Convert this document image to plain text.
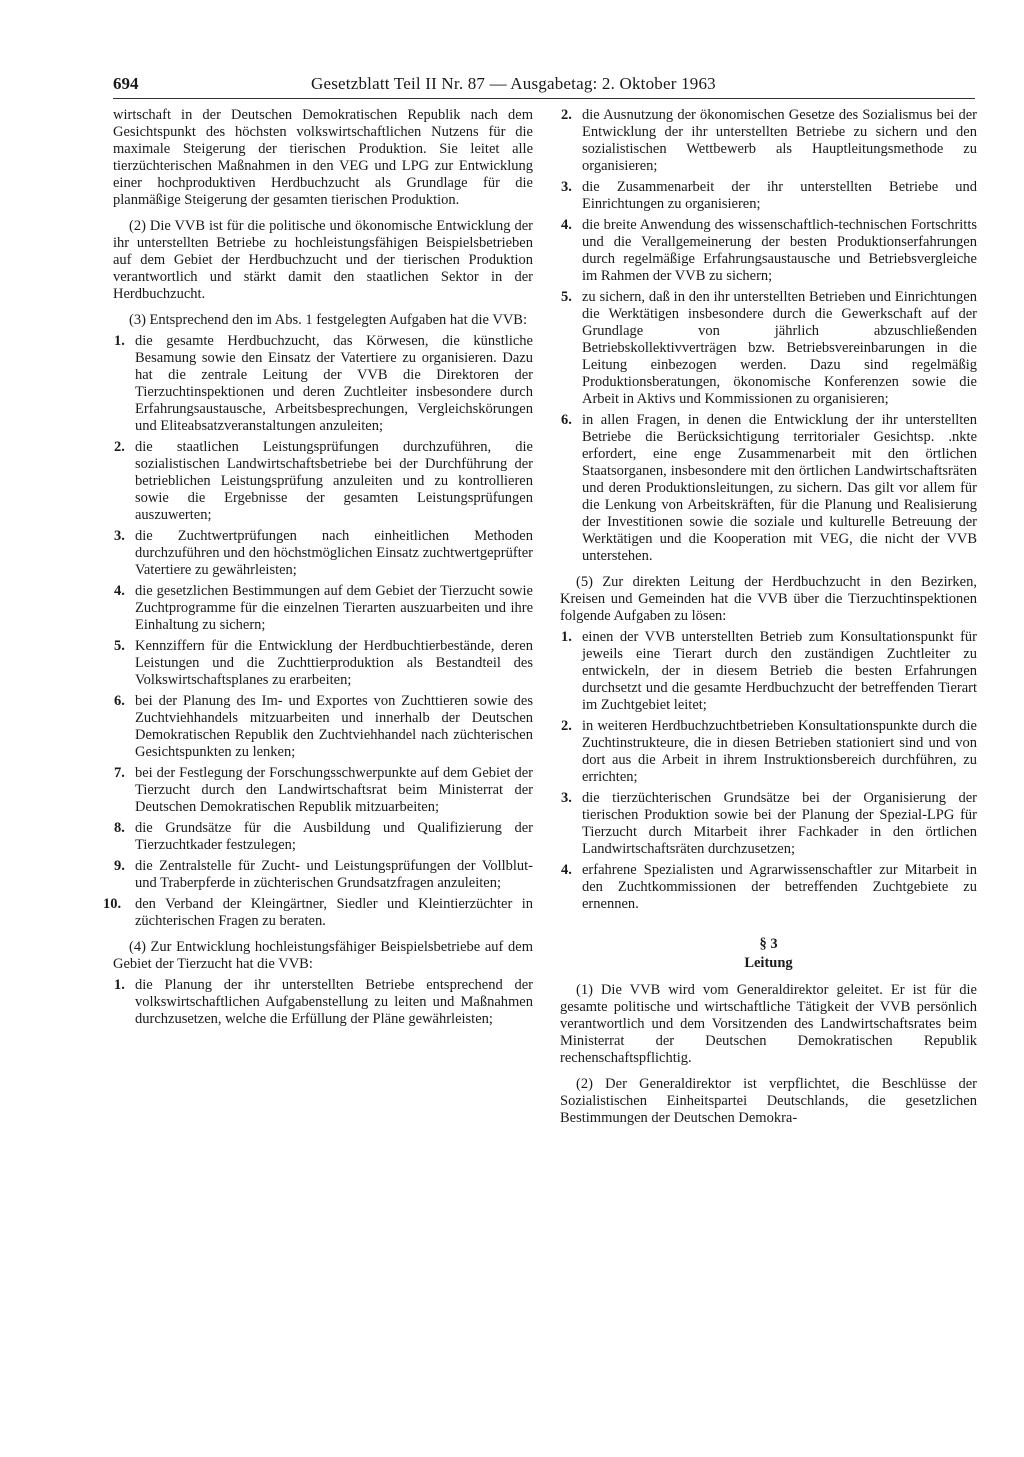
694	Gesetzblatt Teil II Nr. 87 — Ausgabetag: 2. Oktober 1963

wirtschaft in der Deutschen Demokratischen Republik nach dem Gesichtspunkt des höchsten volkswirtschaftlichen Nutzens für die maximale Steigerung der tierischen Produktion. Sie leitet alle tierzüchterischen Maßnahmen in den VEG und LPG zur Entwicklung einer hochproduktiven Herdbuchzucht als Grundlage für die planmäßige Steigerung der gesamten tierischen Produktion.

(2) Die VVB ist für die politische und ökonomische Entwicklung der ihr unterstellten Betriebe zu hochleistungsfähigen Beispielsbetrieben auf dem Gebiet der Herdbuchzucht und der tierischen Produktion verantwortlich und stärkt damit den staatlichen Sektor in der Herdbuchzucht.

(3) Entsprechend den im Abs. 1 festgelegten Aufgaben hat die VVB:

1. die gesamte Herdbuchzucht, das Körwesen, die künstliche Besamung sowie den Einsatz der Vatertiere zu organisieren. Dazu hat die zentrale Leitung der VVB die Direktoren der Tierzuchtinspektionen und deren Zuchtleiter insbesondere durch Erfahrungsaustausche, Arbeitsbesprechungen, Vergleichskörungen und Eliteabsatzveranstaltungen anzuleiten;
2. die staatlichen Leistungsprüfungen durchzuführen, die sozialistischen Landwirtschaftsbetriebe bei der Durchführung der betrieblichen Leistungsprüfung anzuleiten und zu kontrollieren sowie die Ergebnisse der gesamten Leistungsprüfungen auszuwerten;
3. die Zuchtwertprüfungen nach einheitlichen Methoden durchzuführen und den höchstmöglichen Einsatz zuchtwertgeprüfter Vatertiere zu gewährleisten;
4. die gesetzlichen Bestimmungen auf dem Gebiet der Tierzucht sowie Zuchtprogramme für die einzelnen Tierarten auszuarbeiten und ihre Einhaltung zu sichern;
5. Kennziffern für die Entwicklung der Herdbuchtierbestände, deren Leistungen und die Zuchttierproduktion als Bestandteil des Volkswirtschaftsplanes zu erarbeiten;
6. bei der Planung des Im- und Exportes von Zuchttieren sowie des Zuchtviehhandels mitzuarbeiten und innerhalb der Deutschen Demokratischen Republik den Zuchtviehhandel nach züchterischen Gesichtspunkten zu lenken;
7. bei der Festlegung der Forschungsschwerpunkte auf dem Gebiet der Tierzucht durch den Landwirtschaftsrat beim Ministerrat der Deutschen Demokratischen Republik mitzuarbeiten;
8. die Grundsätze für die Ausbildung und Qualifizierung der Tierzuchtkader festzulegen;
9. die Zentralstelle für Zucht- und Leistungsprüfungen der Vollblut- und Traberpferde in züchterischen Grundsatzfragen anzuleiten;
10. den Verband der Kleingärtner, Siedler und Kleintierzüchter in züchterischen Fragen zu beraten.

(4) Zur Entwicklung hochleistungsfähiger Beispielsbetriebe auf dem Gebiet der Tierzucht hat die VVB:

1. die Planung der ihr unterstellten Betriebe entsprechend der volkswirtschaftlichen Aufgabenstellung zu leiten und Maßnahmen durchzusetzen, welche die Erfüllung der Pläne gewährleisten;
2. die Ausnutzung der ökonomischen Gesetze des Sozialismus bei der Entwicklung der ihr unterstellten Betriebe zu sichern und den sozialistischen Wettbewerb als Hauptleitungsmethode zu organisieren;
3. die Zusammenarbeit der ihr unterstellten Betriebe und Einrichtungen zu organisieren;
4. die breite Anwendung des wissenschaftlich-technischen Fortschritts und die Verallgemeinerung der besten Produktionserfahrungen durch regelmäßige Erfahrungsaustausche und Betriebsvergleiche im Rahmen der VVB zu sichern;
5. zu sichern, daß in den ihr unterstellten Betrieben und Einrichtungen die Werktätigen insbesondere durch die Gewerkschaft auf der Grundlage von jährlich abzuschließenden Betriebskollektivverträgen bzw. Betriebsvereinbarungen in die Leitung einbezogen werden. Dazu sind regelmäßig Produktionsberatungen, ökonomische Konferenzen sowie die Arbeit in Aktivs und Kommissionen zu organisieren;
6. in allen Fragen, in denen die Entwicklung der ihr unterstellten Betriebe die Berücksichtigung territorialer Gesichtsp. .nkte erfordert, eine enge Zusammenarbeit mit den örtlichen Staatsorganen, insbesondere mit den örtlichen Landwirtschaftsräten und deren Produktionsleitungen, zu sichern. Das gilt vor allem für die Lenkung von Arbeitskräften, für die Planung und Realisierung der Investitionen sowie die soziale und kulturelle Betreuung der Werktätigen und die Kooperation mit VEG, die nicht der VVB unterstehen.

(5) Zur direkten Leitung der Herdbuchzucht in den Bezirken, Kreisen und Gemeinden hat die VVB über die Tierzuchtinspektionen folgende Aufgaben zu lösen:

1. einen der VVB unterstellten Betrieb zum Konsultationspunkt für jeweils eine Tierart durch den zuständigen Zuchtleiter zu entwickeln, der in diesem Betrieb die besten Erfahrungen durchsetzt und die gesamte Herdbuchzucht der betreffenden Tierart im Zuchtgebiet leitet;
2. in weiteren Herdbuchzuchtbetrieben Konsultationspunkte durch die Zuchtinstrukteure, die in diesen Betrieben stationiert sind und von dort aus die Arbeit in ihrem Instruktionsbereich durchführen, zu errichten;
3. die tierzüchterischen Grundsätze bei der Organisierung der tierischen Produktion sowie bei der Planung der Spezial-LPG für Tierzucht durch Mitarbeit ihrer Fachkader in den örtlichen Landwirtschaftsräten durchzusetzen;
4. erfahrene Spezialisten und Agrarwissenschaftler zur Mitarbeit in den Zuchtkommissionen der betreffenden Zuchtgebiete zu ernennen.
§ 3
Leitung

(1) Die VVB wird vom Generaldirektor geleitet. Er ist für die gesamte politische und wirtschaftliche Tätigkeit der VVB persönlich verantwortlich und dem Vorsitzenden des Landwirtschaftsrates beim Ministerrat der Deutschen Demokratischen Republik rechenschaftspflichtig.

(2) Der Generaldirektor ist verpflichtet, die Beschlüsse der Sozialistischen Einheitspartei Deutschlands, die gesetzlichen Bestimmungen der Deutschen Demokra-
